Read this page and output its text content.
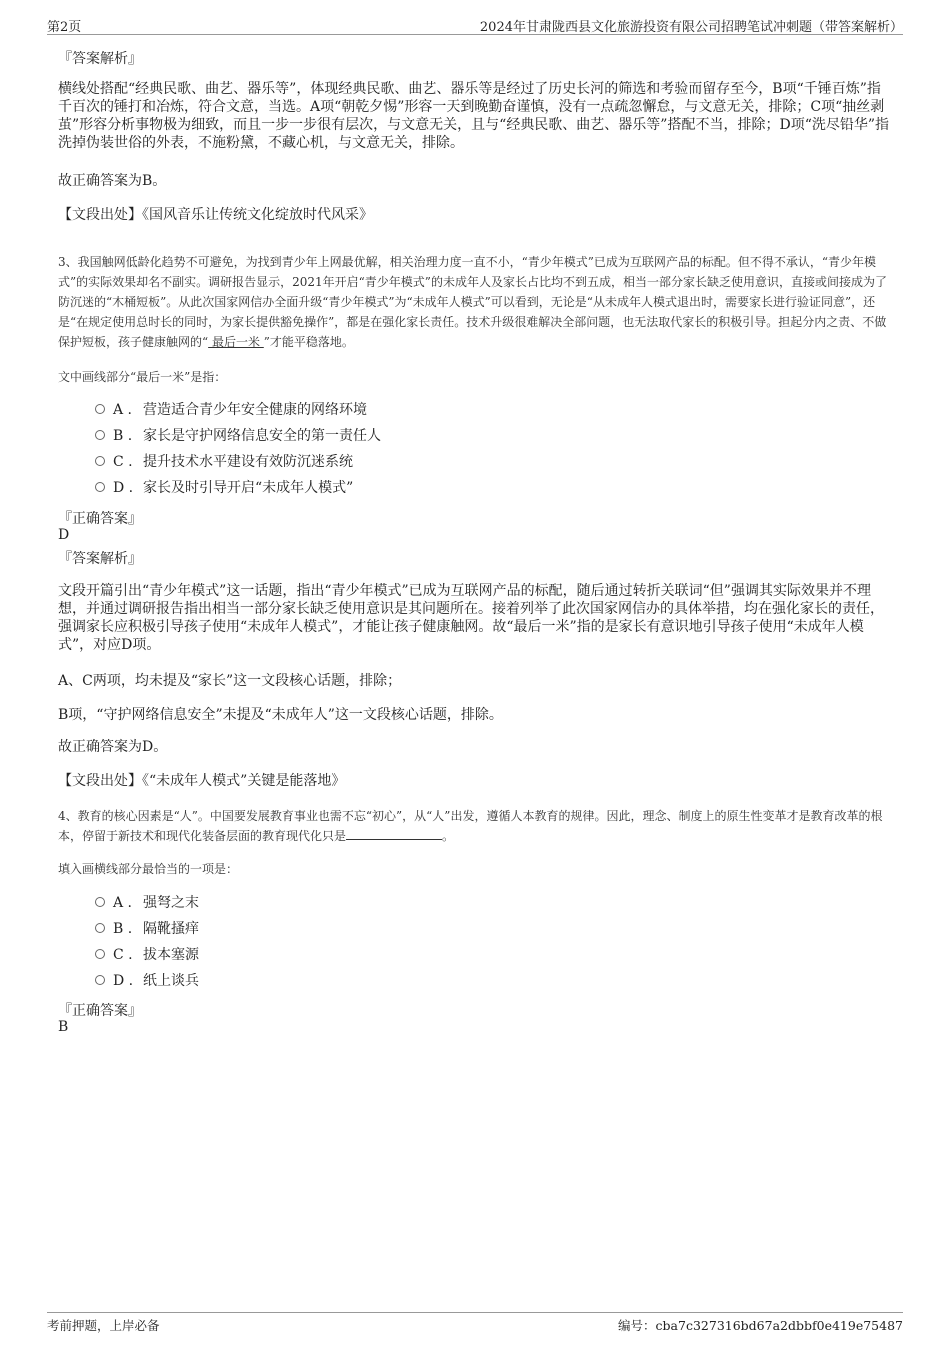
第2页	2024年甘肃陇西县文化旅游投资有限公司招聘笔试冲刺题（带答案解析）
『答案解析』
横线处搭配“经典民歌、曲艺、器乐等”，体现经典民歌、曲艺、器乐等是经过了历史长河的筛选和考验而留存至今，B项“千锤百炼”指千百次的锤打和冶炼，符合文意，当选。A项“朝乾夕惕”形容一天到晚勤奋谨慎，没有一点疏忽懈怠，与文意无关，排除；C项“抽丝剥茧”形容分析事物极为细致，而且一步一步很有层次，与文意无关，且与“经典民歌、曲艺、器乐等”搭配不当，排除；D项“洗尽铅华”指洗掉伪装世俗的外表，不施粉黛，不藏心机，与文意无关，排除。
故正确答案为B。
【文段出处】《国风音乐让传统文化绽放时代风采》
3、我国触网低龄化趋势不可避免，为找到青少年上网最优解，相关治理力度一直不小，“青少年模式”已成为互联网产品的标配。但不得不承认，“青少年模式”的实际效果却名不副实。调研报告显示，2021年开启“青少年模式”的未成年人及家长占比均不到五成，相当一部分家长缺乏使用意识，直接或间接成为了防沉迷的“木桶短板”。从此次国家网信办全面升级“青少年模式”为“未成年人模式”可以看到，无论是“从未成年人模式退出时，需要家长进行验证同意”，还是“在规定使用总时长的同时，为家长提供豁免操作”，都是在强化家长责任。技术升级很难解决全部问题，也无法取代家长的积极引导。担起分内之责、不做保护短板，孩子健康触网的“ 最后一米 ”才能平稳落地。
文中画线部分“最后一米”是指：
A . 营造适合青少年安全健康的网络环境
B . 家长是守护网络信息安全的第一责任人
C . 提升技术水平建设有效防沉迷系统
D . 家长及时引导开启“未成年人模式”
『正确答案』
D
『答案解析』
文段开篇引出“青少年模式”这一话题，指出“青少年模式”已成为互联网产品的标配，随后通过转折关联词“但”强调其实际效果并不理想，并通过调研报告指出相当一部分家长缺乏使用意识是其问题所在。接着列举了此次国家网信办的具体举措，均在强化家长的责任，强调家长应积极引导孩子使用“未成年人模式”，才能让孩子健康触网。故“最后一米”指的是家长有意识地引导孩子使用“未成年人模式”，对应D项。
A、C两项，均未提及“家长”这一文段核心话题，排除；
B项，“守护网络信息安全”未提及“未成年人”这一文段核心话题，排除。
故正确答案为D。
【文段出处】《“未成年人模式”关键是能落地》
4、教育的核心因素是“人”。中国要发展教育事业也需不忘“初心”，从“人”出发，遵循人本教育的规律。因此，理念、制度上的原生性变革才是教育改革的根本，停留于新技术和现代化装备层面的教育现代化只是	。
填入画横线部分最恰当的一项是：
A . 强弩之末
B . 隔靴搔痒
C . 拔本塞源
D . 纸上谈兵
『正确答案』
B
考前押题，上岸必备	编号：cba7c327316bd67a2dbbf0e419e75487
